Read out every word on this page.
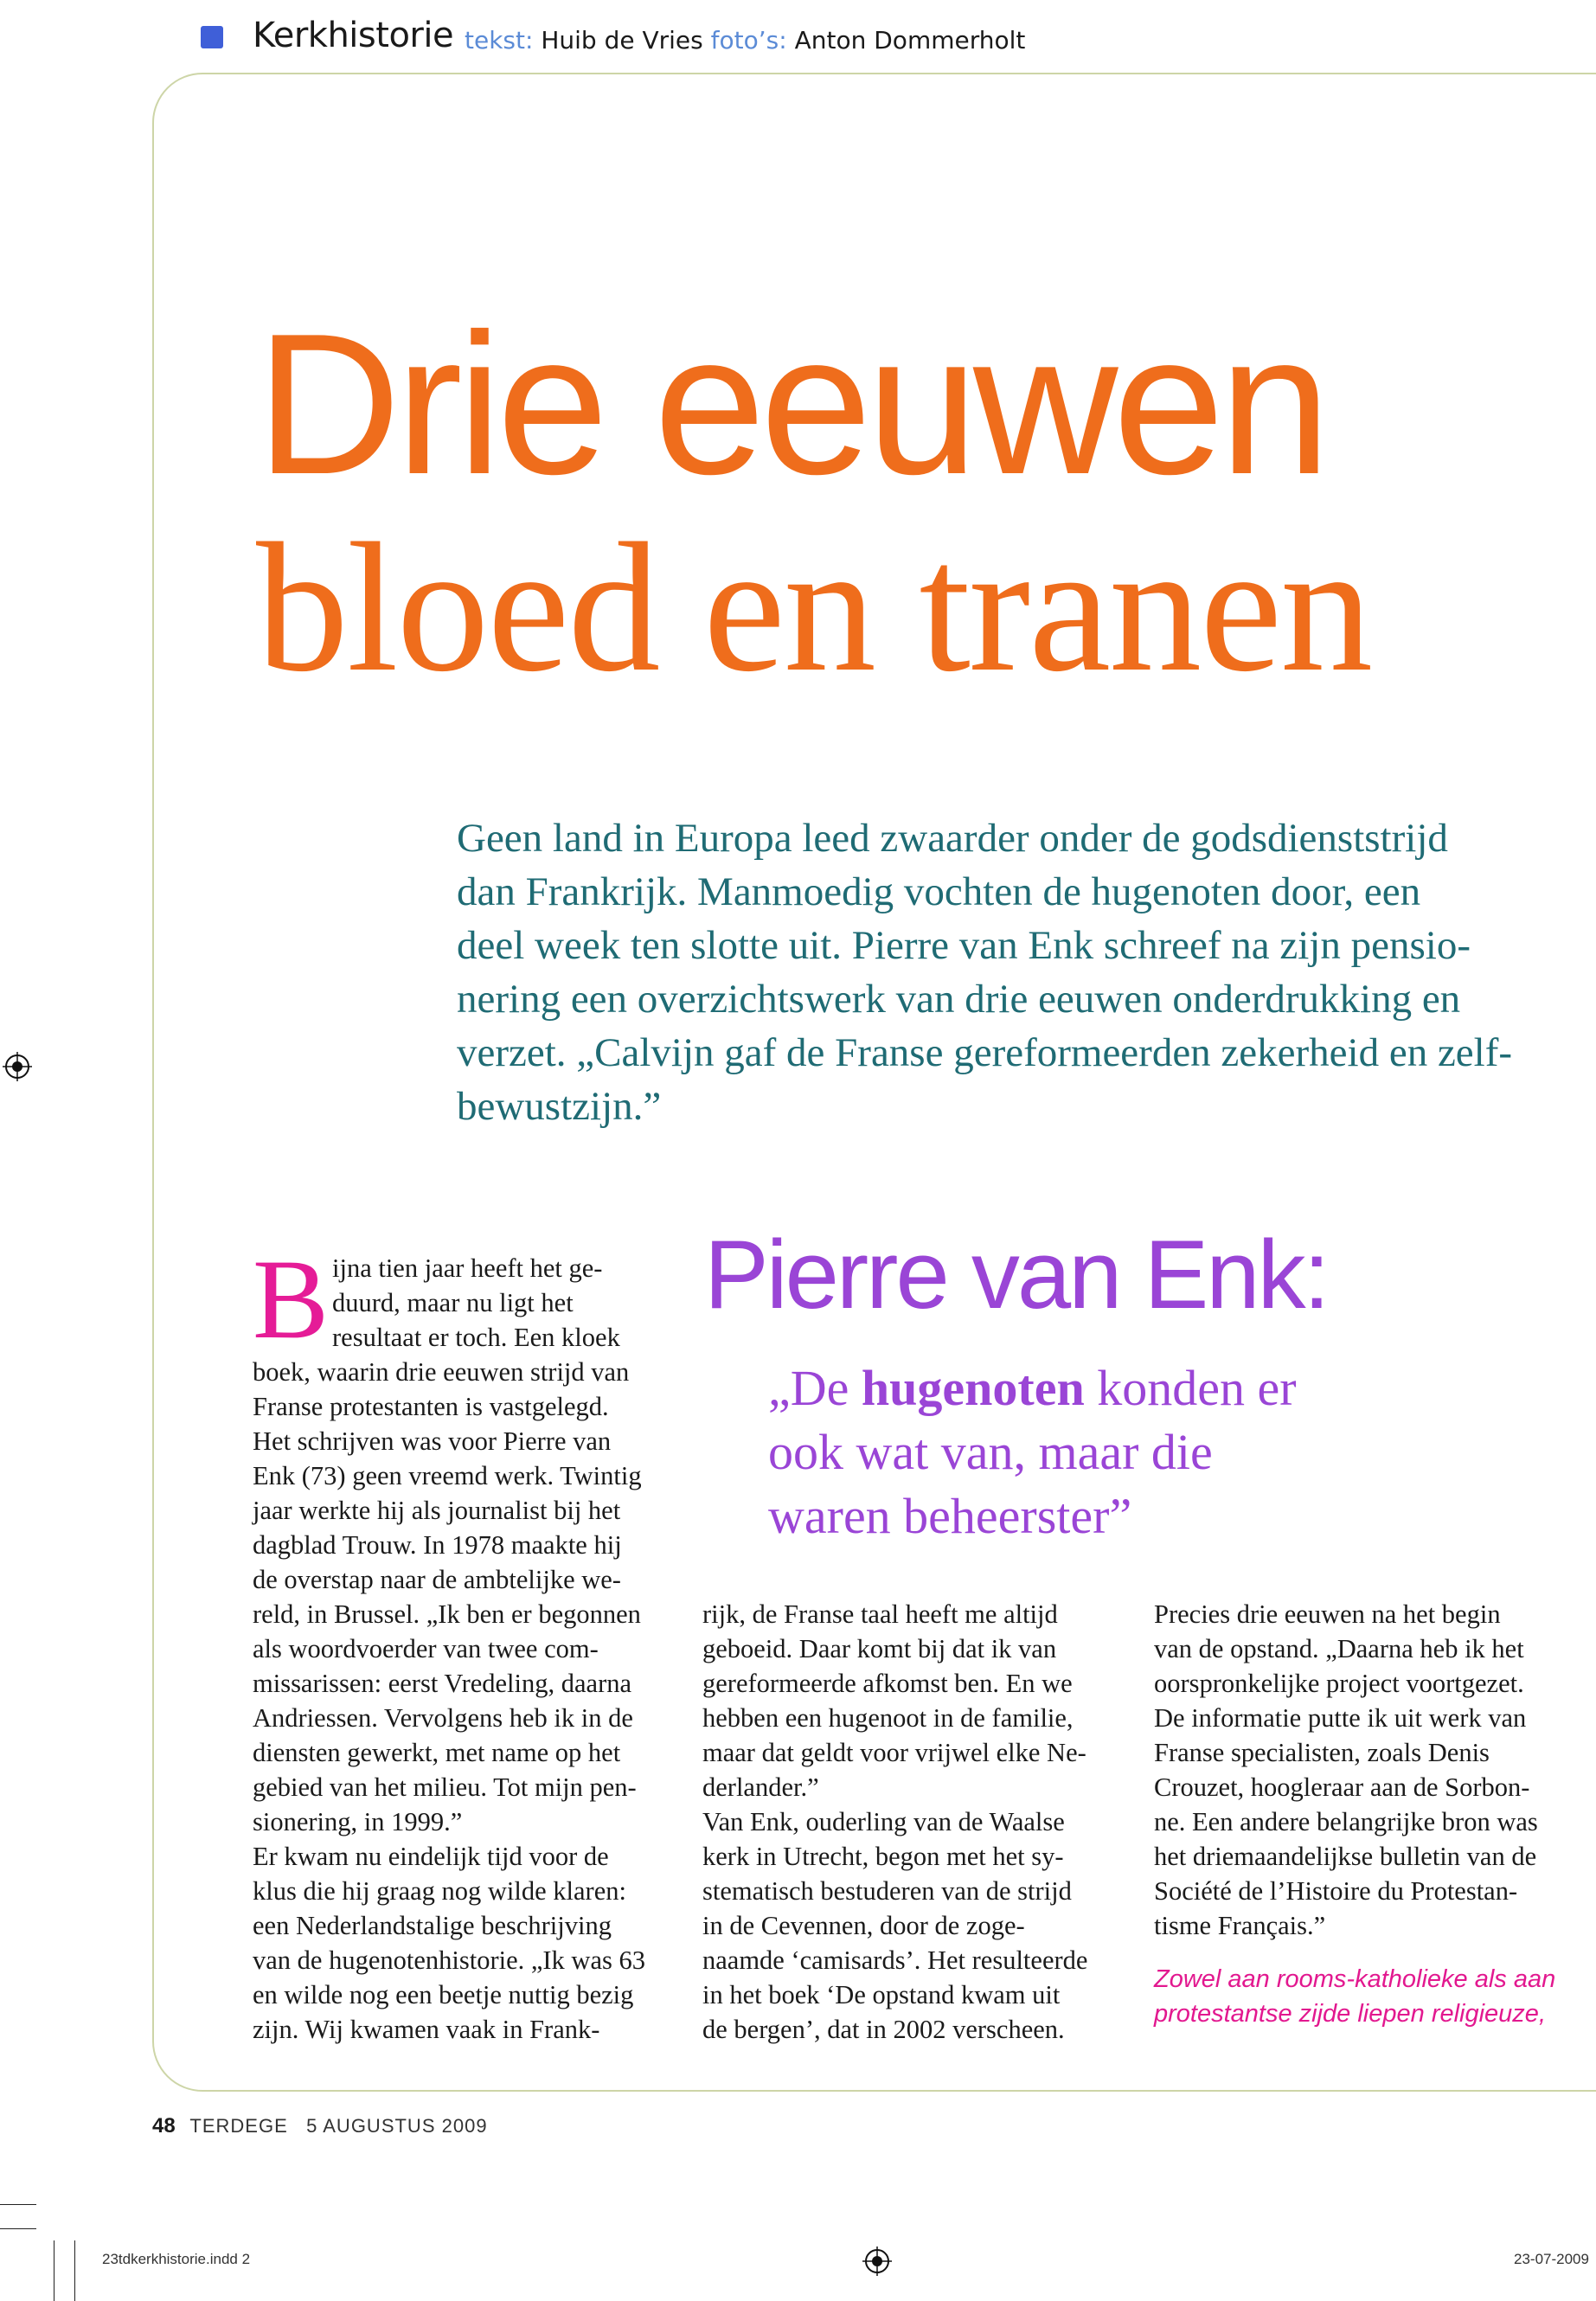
Kerkhistorie tekst: Huib de Vries foto’s: Anton Dommerholt
Drie eeuwen
bloed en tranen
Geen land in Europa leed zwaarder onder de godsdienststrijd
dan Frankrijk. Manmoedig vochten de hugenoten door, een
deel week ten slotte uit. Pierre van Enk schreef na zijn pensio-
nering een overzichtswerk van drie eeuwen onderdrukking en
verzet. „Calvijn gaf de Franse gereformeerden zekerheid en zelf-
bewustzijn.”
Pierre van Enk:
„De hugenoten konden er
ook wat van, maar die
waren beheerster”
B ijna tien jaar heeft het ge-
duurd, maar nu ligt het
resultaat er toch. Een kloek
boek, waarin drie eeuwen strijd van
Franse protestanten is vastgelegd.
Het schrijven was voor Pierre van
Enk (73) geen vreemd werk. Twintig
jaar werkte hij als journalist bij het
dagblad Trouw. In 1978 maakte hij
de overstap naar de ambtelijke we-
reld, in Brussel. „Ik ben er begonnen
als woordvoerder van twee com-
missarissen: eerst Vredeling, daarna
Andriessen. Vervolgens heb ik in de
diensten gewerkt, met name op het
gebied van het milieu. Tot mijn pen-
sionering, in 1999.”
Er kwam nu eindelijk tijd voor de
klus die hij graag nog wilde klaren:
een Nederlandstalige beschrijving
van de hugenotenhistorie. „Ik was 63
en wilde nog een beetje nuttig bezig
zijn. Wij kwamen vaak in Frank-
rijk, de Franse taal heeft me altijd
geboeid. Daar komt bij dat ik van
gereformeerde afkomst ben. En we
hebben een hugenoot in de familie,
maar dat geldt voor vrijwel elke Ne-
derlander.”
Van Enk, ouderling van de Waalse
kerk in Utrecht, begon met het sy-
stematisch bestuderen van de strijd
in de Cevennen, door de zoge-
naamde ‘camisards’. Het resulteerde
in het boek ‘De opstand kwam uit
de bergen’, dat in 2002 verscheen.
Precies drie eeuwen na het begin
van de opstand. „Daarna heb ik het
oorspronkelijke project voortgezet.
De informatie putte ik uit werk van
Franse specialisten, zoals Denis
Crouzet, hoogleraar aan de Sorbon-
ne. Een andere belangrijke bron was
het driemaandelijkse bulletin van de
Société de l’Histoire du Protestan-
tisme Français.”
Zowel aan rooms-katholieke als aan
protestantse zijde liepen religieuze,
48 TERDEGE 5 AUGUSTUS 2009
23tdkerkhistorie.indd 2	23-07-2009
